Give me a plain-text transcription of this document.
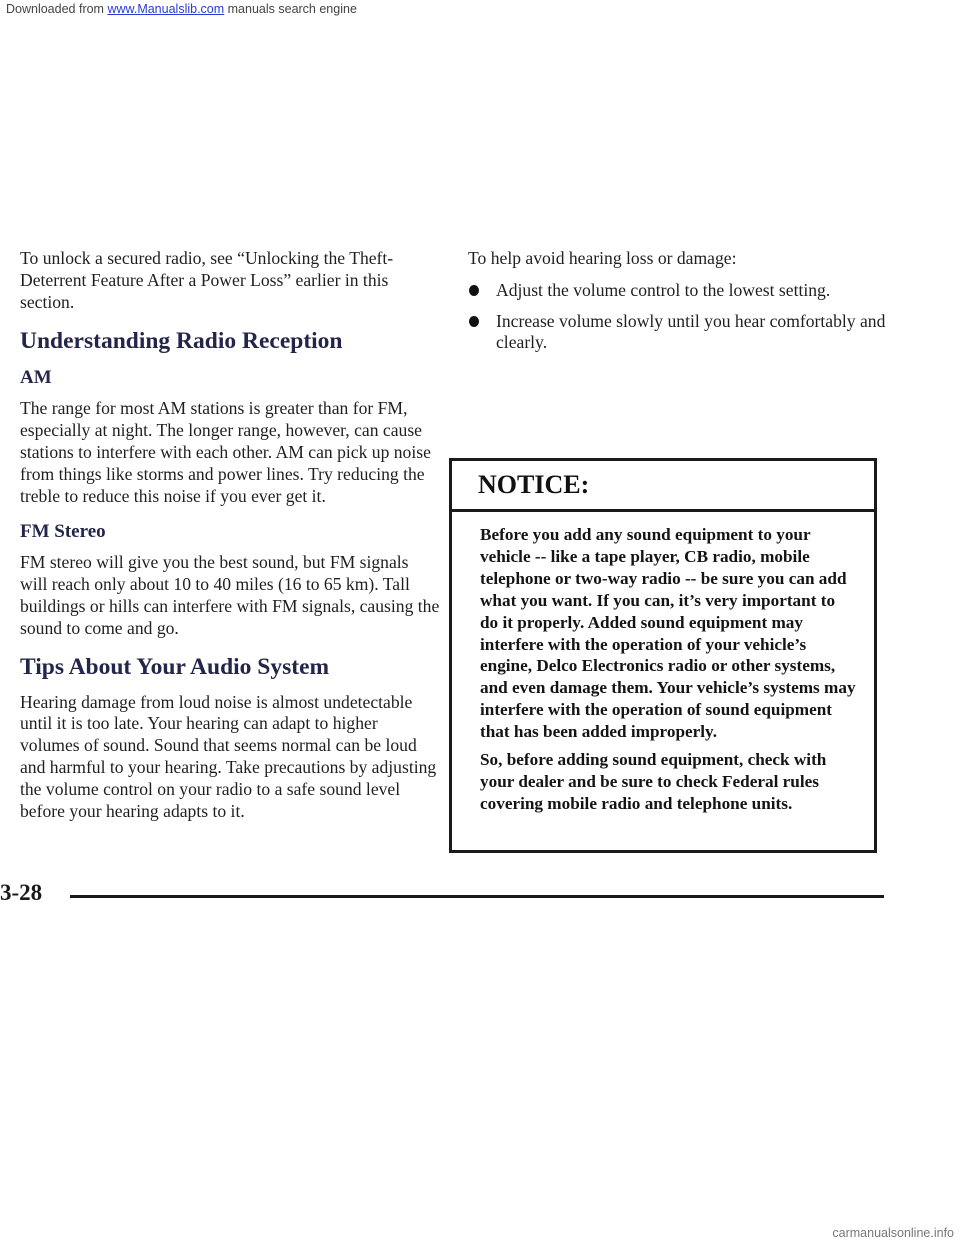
Downloaded from www.Manualslib.com manuals search engine

To unlock a secured radio, see “Unlocking the Theft-Deterrent Feature After a Power Loss” earlier in this section.

Understanding Radio Reception
AM

The range for most AM stations is greater than for FM, especially at night. The longer range, however, can cause stations to interfere with each other. AM can pick up noise from things like storms and power lines. Try reducing the treble to reduce this noise if you ever get it.

FM Stereo

FM stereo will give you the best sound, but FM signals will reach only about 10 to 40 miles (16 to 65 km). Tall buildings or hills can interfere with FM signals, causing the sound to come and go.

Tips About Your Audio System

Hearing damage from loud noise is almost undetectable until it is too late. Your hearing can adapt to higher volumes of sound. Sound that seems normal can be loud and harmful to your hearing. Take precautions by adjusting the volume control on your radio to a safe sound level before your hearing adapts to it.

To help avoid hearing loss or damage:

Adjust the volume control to the lowest setting.
Increase volume slowly until you hear comfortably and clearly.
NOTICE:

Before you add any sound equipment to your vehicle -- like a tape player, CB radio, mobile telephone or two-way radio -- be sure you can add what you want. If you can, it’s very important to do it properly. Added sound equipment may interfere with the operation of your vehicle’s engine, Delco Electronics radio or other systems, and even damage them. Your vehicle’s systems may interfere with the operation of sound equipment that has been added improperly.

So, before adding sound equipment, check with your dealer and be sure to check Federal rules covering mobile radio and telephone units.

3-28
carmanualsonline.info
